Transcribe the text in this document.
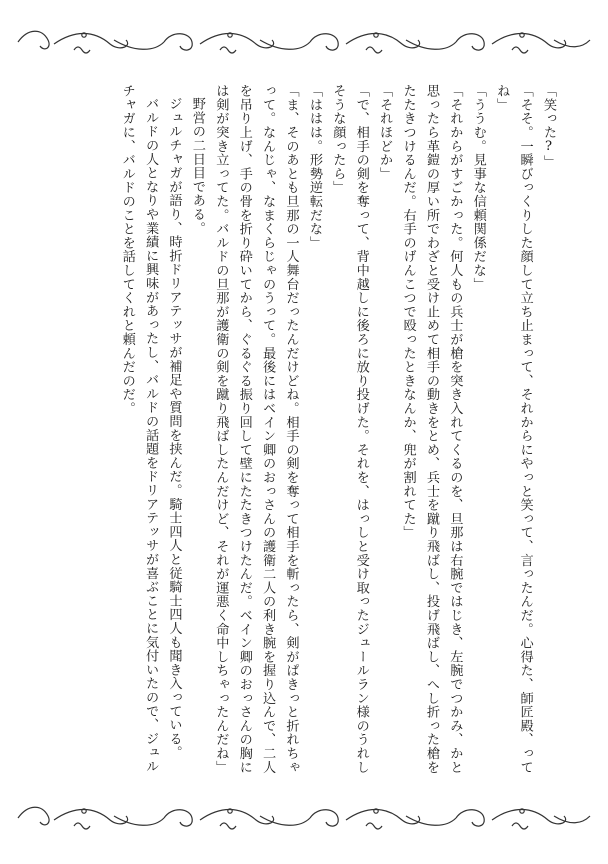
「笑った?」

「そそ。一瞬びっくりした顔して立ち止まって、それからにやっと笑って、言ったんだ。心得た、師匠殿、ってね」

「ううむ。見事な信頼関係だな」

「それからがすごかった。何人もの兵士が槍を突き入れてくるのを、旦那は右腕ではじき、左腕でつかみ、かと思ったら革鎧の厚い所でわざと受け止めて相手の動きをとめ、兵士を蹴り飛ばし、投げ飛ばし、へし折った槍をたたきつけるんだ。右手のげんこつで殴ったときなんか、兜が割れてた」

「それほどか」

「で、相手の剣を奪って、背中越しに後ろに放り投げた。それを、はっしと受け取ったジュールラン様のうれしそうな顔ったら」

「ははは。形勢逆転だな」

「ま、そのあとも旦那の一人舞台だったんだけどね。相手の剣を奪って相手を斬ったら、剣がぱきっと折れちゃって。なんじゃ、なまくらじゃのうって。最後にはベイン卿のおっさんの護衛二人の利き腕を握り込んで、二人を吊り上げ、手の骨を折り砕いてから、ぐるぐる振り回して壁にたたきつけたんだ。ベイン卿のおっさんの胸には剣が突き立ってた。バルドの旦那が護衛の剣を蹴り飛ばしたんだけど、それが運悪く命中しちゃったんだね」

野営の二日目である。

ジュルチャガが語り、時折ドリアテッサが補足や質問を挟んだ。騎士四人と従騎士四人も聞き入っている。

バルドの人となりや業績に興味があったし、バルドの話題をドリアテッサが喜ぶことに気付いたので、ジュルチャガに、バルドのことを話してくれと頼んだのだ。
